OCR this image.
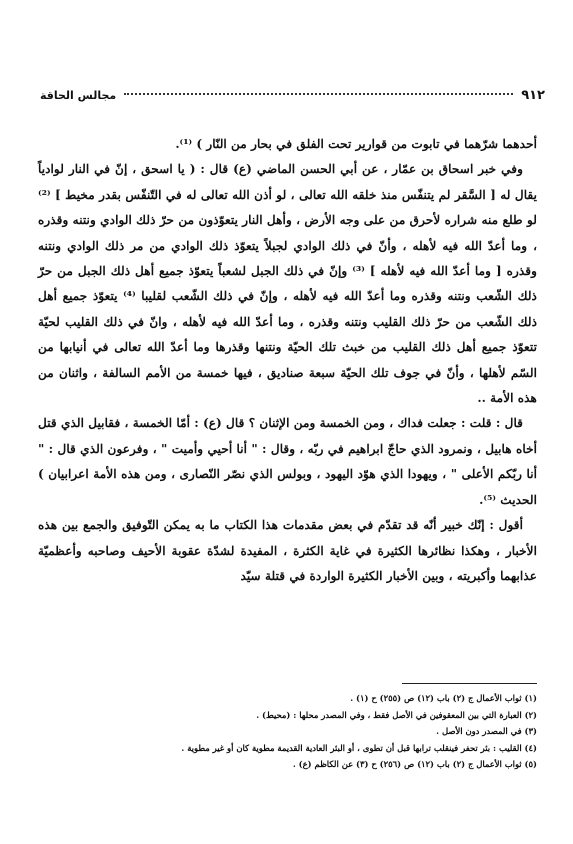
٩١٢
مجالس الحاقة

أحدهما شرّهما في تابوت من قوارير تحت الفلق في بحار من النّار ) ⁽¹⁾.

وفي خبر اسحاق بن عمّار ، عن أبي الحسن الماضي (ع) قال : ( يا اسحق ، إنّ في النار لوادياً يقال له [ السَّقر لم يتنفّس منذ خلقه الله تعالى ، لو أذن الله تعالى له في التّنفّس بقدر مخيط ] ⁽²⁾ لو طلع منه شراره لأحرق من على وجه الأرض ، وأهل النار يتعوّذون من حرّ ذلك الوادي ونتنه وقذره ، وما أعدّ الله فيه لأهله ، وأنّ في ذلك الوادي لجبلاً يتعوّذ ذلك الوادي من مر ذلك الوادي ونتنه وقذره [ وما أعدّ الله فيه لأهله ] ⁽³⁾ وإنّ في ذلك الجبل لشعباً يتعوّذ جميع أهل ذلك الجبل من حرّ ذلك الشّعب ونتنه وقذره وما أعدّ الله فيه لأهله ، وإنّ في ذلك الشّعب لقليبا ⁽⁴⁾ يتعوّذ جميع أهل ذلك الشّعب من حرّ ذلك القليب ونتنه وقذره ، وما أعدّ الله فيه لأهله ، وانّ في ذلك القليب لحيّة تتعوّذ جميع أهل ذلك القليب من خبث تلك الحيّة ونتنها وقذرها وما أعدّ الله تعالى في أنيابها من السّم لأهلها ، وأنّ في جوف تلك الحيّة سبعة صناديق ، فيها خمسة من الأمم السالفة ، واثنان من هذه الأمة ..

قال : قلت : جعلت فداك ، ومن الخمسة ومن الإثنان ؟ قال (ع) : أمّا الخمسة ، فقابيل الذي قتل أخاه هابيل ، ونمرود الذي حاجّ ابراهيم في ربّه ، وقال : " أنا أحيي وأميت " ، وفرعون الذي قال : " أنا ربّكم الأعلى " ، ويهودا الذي هوّد اليهود ، وبولس الذي نصّر النّصارى ، ومن هذه الأمة اعرابيان ) الحديث ⁽⁵⁾.

أقول : إنّك خبير أنّه قد تقدّم في بعض مقدمات هذا الكتاب ما به يمكن التّوفيق والجمع بين هذه الأخبار ، وهكذا نظائرها الكثيرة في غاية الكثرة ، المفيدة لشدّة عقوبة الأحيف وصاحبه وأعظميّة عذابهما وأكبريته ، وبين الأخبار الكثيرة الواردة في قتلة سيّد

(١) ثواب الأعمال ج (٢) باب (١٢) ص (٢٥٥) ح (١) .
(٢) العبارة التي بين المعقوفين في الأصل فقط ، وفي المصدر محلها : (محيط) .
(٣) في المصدر دون الأصل .
(٤) القليب : بئر تحفر فينقلب ترابها قبل أن تطوى ، أو البئر العادية القديمة مطوية كان أو غير مطوية .
(٥) ثواب الأعمال ج (٢) باب (١٢) ص (٢٥٦) ح (٣) عن الكاظم (ع) .
